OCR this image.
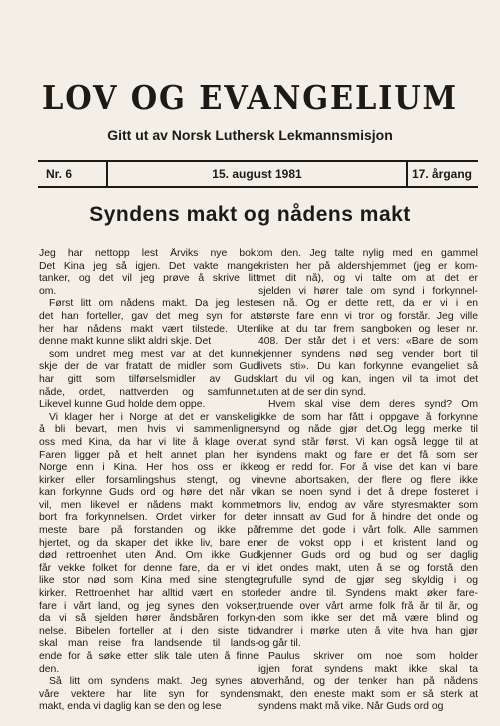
LOV OG EVANGELIUM
Gitt ut av Norsk Luthersk Lekmannsmisjon
Nr. 6	15. august 1981	17. årgang
Syndens makt og nådens makt
Jeg har nettopp lest Årviks nye bok:
Det Kina jeg så igjen. Det vakte mange
tanker, og det vil jeg prøve å skrive litt
om.
Først litt om nådens makt. Da jeg leste
det han forteller, gav det meg syn for at
her har nådens makt vært tilstede. Uten
denne makt kunne slikt aldri skje. Det
som undret meg mest var at det kunne
skje der de var fratatt de midler som Gud
har gitt som tilførselsmidler av Guds
nåde, ordet, nattverden og samfunnet.
Likevel kunne Gud holde dem oppe.
Vi klager her i Norge at det er vanskelig
å bli bevart, men hvis vi sammenligner
oss med Kina, da har vi lite å klage over.
Faren ligger på et helt annet plan her i
Norge enn i Kina. Her hos oss er ikke
kirker eller forsamlingshus stengt, og vi
kan forkynne Guds ord og høre det når vi
vil, men likevel er nådens makt kommet
bort fra forkynnelsen. Ordet virker for det
meste bare på forstanden og ikke på
hjertet, og da skaper det ikke liv, bare en
død rettroenhet uten Ånd. Om ikke Gud
får vekke folket for denne fare, da er vi i
like stor nød som Kina med sine stengte
kirker. Rettroenhet har alltid vært en stor
fare i vårt land, og jeg synes den vokser,
da vi så sjelden hører åndsbåren forkyn-
nelse. Bibelen forteller at i den siste tid
skal man reise fra landsende til lands-
ende for å søke etter slik tale uten å finne
den.
Så litt om syndens makt. Jeg synes at
våre vektere har lite syn for syndens
makt, enda vi daglig kan se den og lese
om den. Jeg talte nylig med en gammel
kristen her på aldershjemmet (jeg er kom-
met dit nå), og vi talte om at det er
sjelden vi hører tale om synd i forkynnel-
sen nå. Og er dette rett, da er vi i en
største fare enn vi tror og forstår. Jeg ville
like at du tar frem sangboken og leser nr.
408. Der står det i et vers: «Bare de som
kjenner syndens nød seg vender bort til
livets sti». Du kan forkynne evangeliet så
klart du vil og kan, ingen vil ta imot det
uten at de ser din synd.
Hvem skal vise dem deres synd? Om
ikke de som har fått i oppgave å forkynne
synd og nåde gjør det.Og legg merke til
at synd står først. Vi kan også legge til at
syndens makt og fare er det få som ser
og er redd for. For å vise det kan vi bare
nevne abortsaken, der flere og flere ikke
kan se noen synd i det å drepe fosteret i
mors liv, endog av våre styresmakter som
er innsatt av Gud for å hindre det onde og
fremme det gode i vårt folk. Alle sammen
er de vokst opp i et kristent land og
kjenner Guds ord og bud og ser daglig
det ondes makt, uten å se og forstå den
grufulle synd de gjør seg skyldig i og
leder andre til. Syndens makt øker fare-
truende over vårt arme folk frå år til år, og
den som ikke ser det må være blind og
vandrer i mørke uten å vite hva han gjør
og går til.
Paulus skriver om noe som holder
igjen forat syndens makt ikke skal ta
overhånd, og der tenker han på nådens
makt, den eneste makt som er så sterk at
syndens makt må vike. Når Guds ord og
